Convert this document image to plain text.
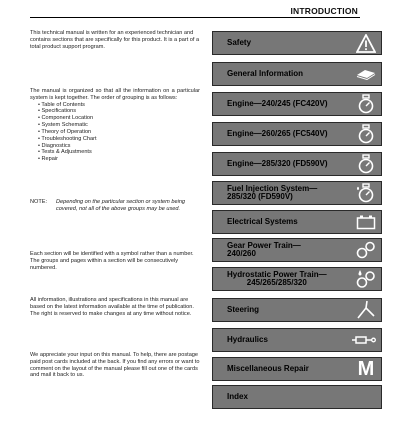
INTRODUCTION

This technical manual is written for an experienced technician and contains sections that are specifically for this product. It is a part of a total product support program.

The manual is organized so that all the information on a particular system is kept together. The order of grouping is as follows:

• Table of Contents
• Specifications
• Component Location
• System Schematic
• Theory of Operation
• Troubleshooting Chart
• Diagnostics
• Tests & Adjustments
• Repair
NOTE:	Depending on the particular section or system being covered, not all of the above groups may be used.

Each section will be identified with a symbol rather than a number. The groups and pages within a section will be consecutively numbered.

All information, illustrations and specifications in this manual are based on the latest information available at the time of publication. The right is reserved to make changes at any time without notice.

We appreciate your input on this manual. To help, there are postage paid post cards included at the back. If you find any errors or want to comment on the layout of the manual please fill out one of the cards and mail it back to us.

Safety
General Information
Engine—240/245 (FC420V)
Engine—260/265 (FC540V)
Engine—285/320 (FD590V)
Fuel Injection System—
285/320 (FD590V)
Electrical Systems
Gear Power Train—
240/260
Hydrostatic Power Train—
245/265/285/320
Steering
Hydraulics
Miscellaneous Repair M
Index
